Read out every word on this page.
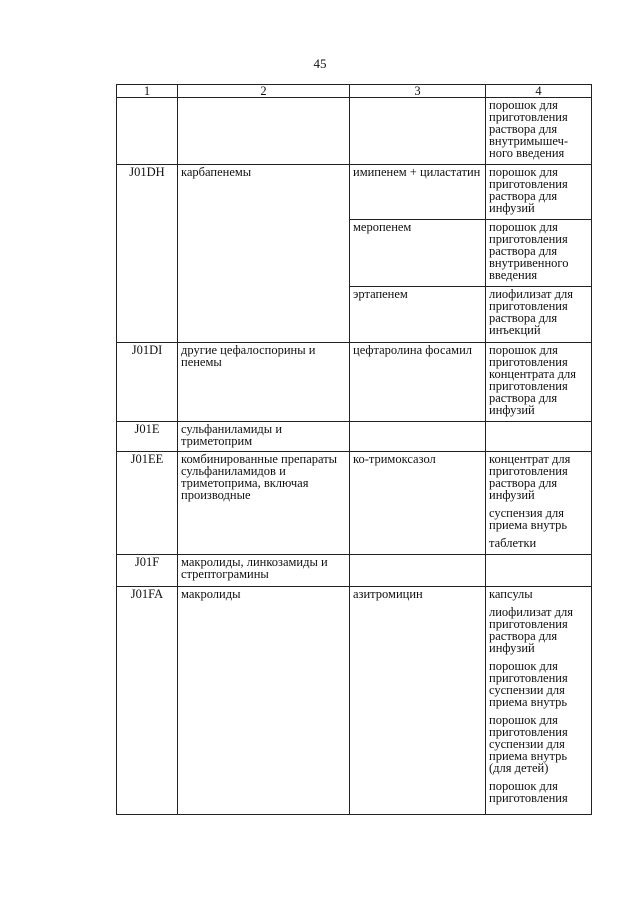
45
1	2	3	4

			порошок для приготовления раствора для внутримышеч-ного введения

J01DH	карбапенемы	имипенем + циластатин	порошок для приготовления раствора для инфузий

		меропенем	порошок для приготовления раствора для внутривенного введения

		эртапенем	лиофилизат для приготовления раствора для инъекций

J01DI	другие цефалоспорины и пенемы	цефтаролина фосамил	порошок для приготовления концентрата для приготовления раствора для инфузий

J01E	сульфаниламиды и триметоприм		
J01EE	комбинированные препараты сульфаниламидов и триметоприма, включая производные	ко-тримоксазол	концентрат для приготовления раствора для инфузий
суспензия для приема внутрь
таблетки

J01F	макролиды, линкозамиды и стрептограмины		
J01FA	макролиды	азитромицин	капсулы
лиофилизат для приготовления раствора для инфузий
порошок для приготовления суспензии для приема внутрь
порошок для приготовления суспензии для приема внутрь (для детей)
порошок для приготовления
